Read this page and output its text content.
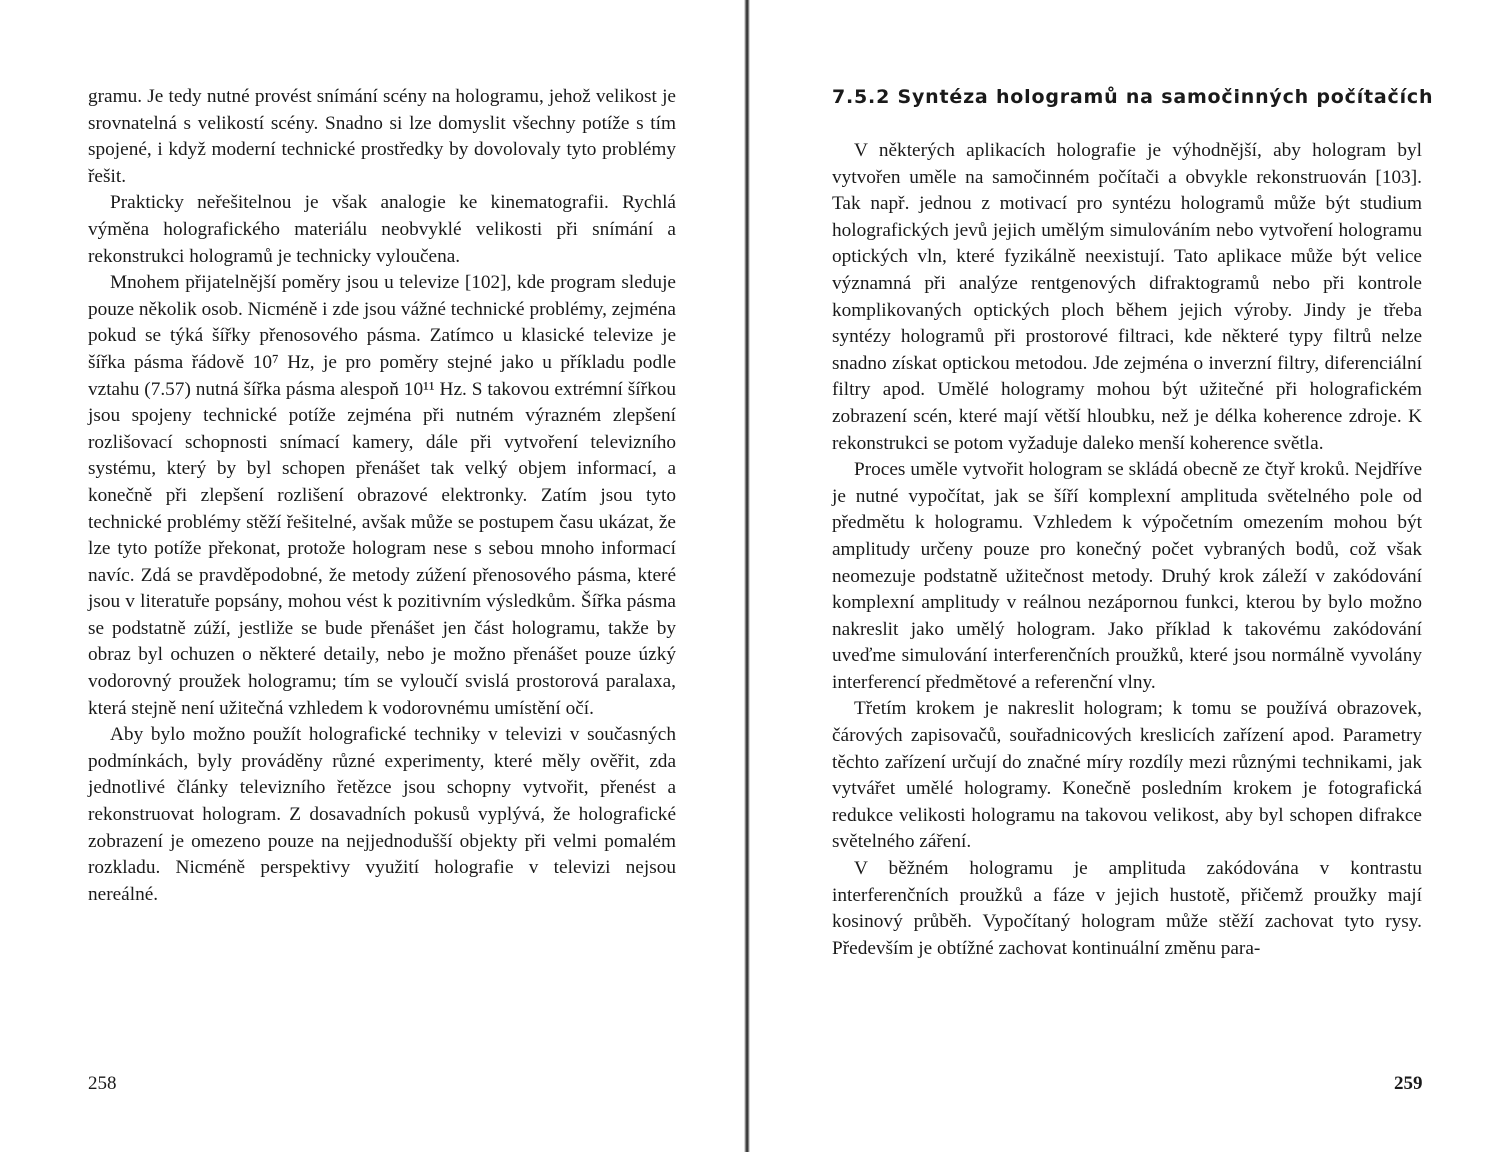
gramu. Je tedy nutné provést snímání scény na hologramu, jehož velikost je srovnatelná s velikostí scény. Snadno si lze domyslit všechny potíže s tím spojené, i když moderní technické prostředky by dovolovaly tyto problémy řešit.

Prakticky neřešitelnou je však analogie ke kinematografii. Rychlá výměna holografického materiálu neobvyklé velikosti při snímání a rekonstrukci hologramů je technicky vyloučena.

Mnohem přijatelnější poměry jsou u televize [102], kde program sleduje pouze několik osob. Nicméně i zde jsou vážné technické problémy, zejména pokud se týká šířky přenosového pásma. Zatímco u klasické televize je šířka pásma řádově 10⁷ Hz, je pro poměry stejné jako u příkladu podle vztahu (7.57) nutná šířka pásma alespoň 10¹¹ Hz. S takovou extrémní šířkou jsou spojeny technické potíže zejména při nutném výrazném zlepšení rozlišovací schopnosti snímací kamery, dále při vytvoření televizního systému, který by byl schopen přenášet tak velký objem informací, a konečně při zlepšení rozlišení obrazové elektronky. Zatím jsou tyto technické problémy stěží řešitelné, avšak může se postupem času ukázat, že lze tyto potíže překonat, protože hologram nese s sebou mnoho informací navíc. Zdá se pravděpodobné, že metody zúžení přenosového pásma, které jsou v literatuře popsány, mohou vést k pozitivním výsledkům. Šířka pásma se podstatně zúží, jestliže se bude přenášet jen část hologramu, takže by obraz byl ochuzen o některé detaily, nebo je možno přenášet pouze úzký vodorovný proužek hologramu; tím se vyloučí svislá prostorová paralaxa, která stejně není užitečná vzhledem k vodorovnému umístění očí.

Aby bylo možno použít holografické techniky v televizi v současných podmínkách, byly prováděny různé experimenty, které měly ověřit, zda jednotlivé články televizního řetězce jsou schopny vytvořit, přenést a rekonstruovat hologram. Z dosavadních pokusů vyplývá, že holografické zobrazení je omezeno pouze na nejjednodušší objekty při velmi pomalém rozkladu. Nicméně perspektivy využití holografie v televizi nejsou nereálné.

258
7.5.2 Syntéza hologramů na samočinných počítačích

V některých aplikacích holografie je výhodnější, aby hologram byl vytvořen uměle na samočinném počítači a obvykle rekonstruován [103]. Tak např. jednou z motivací pro syntézu hologramů může být studium holografických jevů jejich umělým simulováním nebo vytvoření hologramu optických vln, které fyzikálně neexistují. Tato aplikace může být velice významná při analýze rentgenových difraktogramů nebo při kontrole komplikovaných optických ploch během jejich výroby. Jindy je třeba syntézy hologramů při prostorové filtraci, kde některé typy filtrů nelze snadno získat optickou metodou. Jde zejména o inverzní filtry, diferenciální filtry apod. Umělé hologramy mohou být užitečné při holografickém zobrazení scén, které mají větší hloubku, než je délka koherence zdroje. K rekonstrukci se potom vyžaduje daleko menší koherence světla.

Proces uměle vytvořit hologram se skládá obecně ze čtyř kroků. Nejdříve je nutné vypočítat, jak se šíří komplexní amplituda světelného pole od předmětu k hologramu. Vzhledem k výpočetním omezením mohou být amplitudy určeny pouze pro konečný počet vybraných bodů, což však neomezuje podstatně užitečnost metody. Druhý krok záleží v zakódování komplexní amplitudy v reálnou nezápornou funkci, kterou by bylo možno nakreslit jako umělý hologram. Jako příklad k takovému zakódování uveďme simulování interferenčních proužků, které jsou normálně vyvolány interferencí předmětové a referenční vlny.

Třetím krokem je nakreslit hologram; k tomu se používá obrazovek, čárových zapisovačů, souřadnicových kreslicích zařízení apod. Parametry těchto zařízení určují do značné míry rozdíly mezi různými technikami, jak vytvářet umělé hologramy. Konečně posledním krokem je fotografická redukce velikosti hologramu na takovou velikost, aby byl schopen difrakce světelného záření.

V běžném hologramu je amplituda zakódována v kontrastu interferenčních proužků a fáze v jejich hustotě, přičemž proužky mají kosinový průběh. Vypočítaný hologram může stěží zachovat tyto rysy. Především je obtížné zachovat kontinuální změnu para-

259
